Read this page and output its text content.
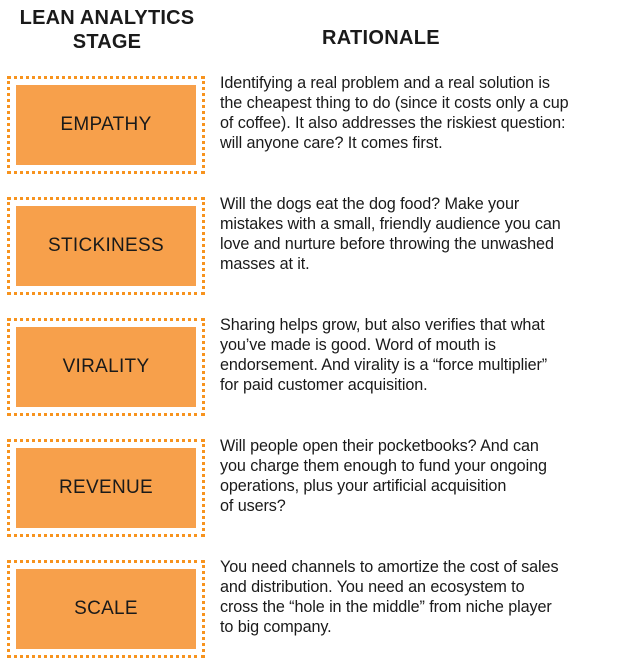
LEAN ANALYTICS
STAGE	RATIONALE
EMPATHY
Identifying a real problem and a real solution is
the cheapest thing to do (since it costs only a cup
of coffee). It also addresses the riskiest question:
will anyone care? It comes first.
STICKINESS
Will the dogs eat the dog food? Make your
mistakes with a small, friendly audience you can
love and nurture before throwing the unwashed
masses at it.
VIRALITY
Sharing helps grow, but also verifies that what
you’ve made is good. Word of mouth is
endorsement. And virality is a “force multiplier”
for paid customer acquisition.
REVENUE
Will people open their pocketbooks? And can
you charge them enough to fund your ongoing
operations, plus your artificial acquisition
of users?
SCALE
You need channels to amortize the cost of sales
and distribution. You need an ecosystem to
cross the “hole in the middle” from niche player
to big company.
